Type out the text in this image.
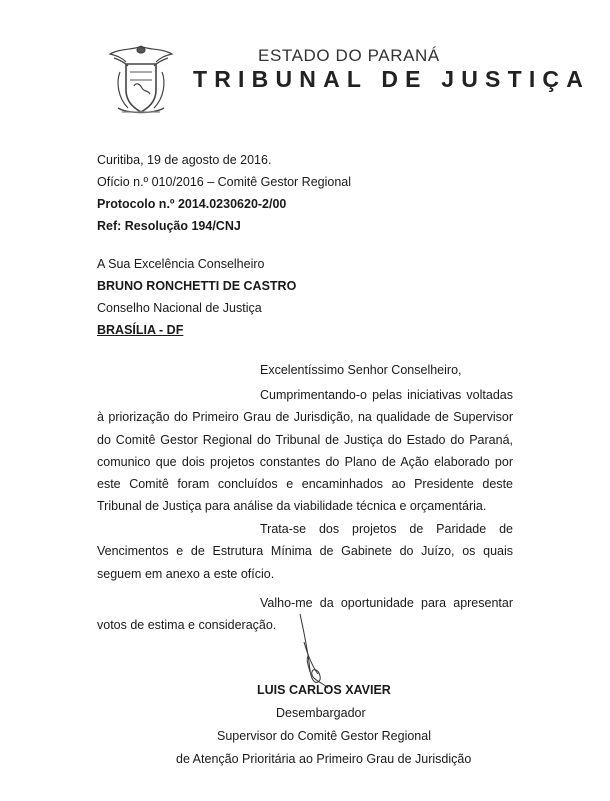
ESTADO DO PARANÁ
TRIBUNAL DE JUSTIÇA
Curitiba, 19 de agosto de 2016.
Ofício n.º 010/2016 – Comitê Gestor Regional
Protocolo n.º 2014.0230620-2/00
Ref: Resolução 194/CNJ
A Sua Excelência Conselheiro
BRUNO RONCHETTI DE CASTRO
Conselho Nacional de Justiça
BRASÍLIA - DF
Excelentíssimo Senhor Conselheiro,

Cumprimentando-o pelas iniciativas voltadas à priorização do Primeiro Grau de Jurisdição, na qualidade de Supervisor do Comitê Gestor Regional do Tribunal de Justiça do Estado do Paraná, comunico que dois projetos constantes do Plano de Ação elaborado por este Comitê foram concluídos e encaminhados ao Presidente deste Tribunal de Justiça para análise da viabilidade técnica e orçamentária.

Trata-se dos projetos de Paridade de Vencimentos e de Estrutura Mínima de Gabinete do Juízo, os quais seguem em anexo a este ofício.

Valho-me da oportunidade para apresentar votos de estima e consideração.

LUIS CARLOS XAVIER
Desembargador
Supervisor do Comitê Gestor Regional
de Atenção Prioritária ao Primeiro Grau de Jurisdição
